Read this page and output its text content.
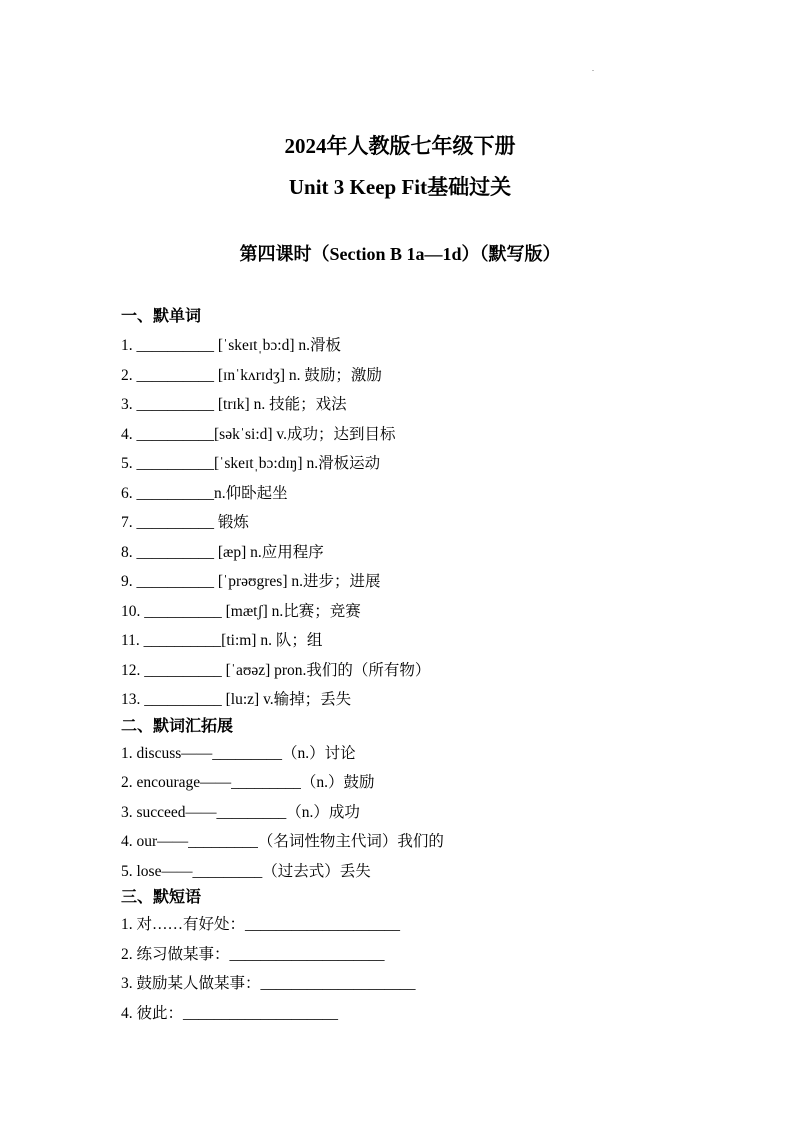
.
2024年人教版七年级下册
Unit 3 Keep Fit基础过关
第四课时（Section B 1a—1d）（默写版）
一、默单词
1. __________ [ˈskeɪtˌbɔ:d] n.滑板
2. __________ [ɪnˈkʌrɪdʒ] n. 鼓励；激励
3. __________ [trɪk] n. 技能；戏法
4. __________[səkˈsi:d] v.成功；达到目标
5. __________[ˈskeɪtˌbɔ:dɪŋ] n.滑板运动
6. __________n.仰卧起坐
7. __________ 锻炼
8. __________ [æp] n.应用程序
9. __________ [ˈprəʊgres] n.进步；进展
10. __________ [mætʃ] n.比赛；竞赛
11. __________[ti:m] n. 队；组
12. __________ [ˈaʊəz] pron.我们的（所有物）
13. __________ [lu:z] v.输掉；丢失
二、默词汇拓展
1. discuss——_________（n.）讨论
2. encourage——_________（n.）鼓励
3. succeed——_________（n.）成功
4. our——_________（名词性物主代词）我们的
5. lose——_________（过去式）丢失
三、默短语
1. 对……有好处：____________________
2. 练习做某事：____________________
3. 鼓励某人做某事：____________________
4. 彼此：____________________
